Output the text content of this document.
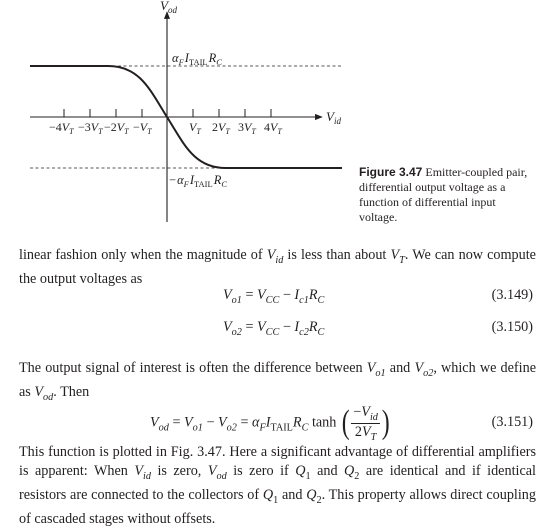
$V_{od}$
$V_{id}$
$\alpha_FI_{TAIL}R_C$
$-\alpha_FI_{TAIL}R_C$
$-4V_T -3V_T -2V_T -V_T$	$V_T$ $2V_T$ $3V_T$ $4V_T$
Figure 3.47 Emitter-coupled pair, differential output voltage as a function of differential input voltage.

linear fashion only when the magnitude of $V_{id}$ is less than about $V_T$. We can now compute the output voltages as

$V_{o1} = V_{CC} - I_{c1}R_C$	(3.149)
$V_{o2} = V_{CC} - I_{c2}R_C$	(3.150)

The output signal of interest is often the difference between $V_{o1}$ and $V_{o2}$, which we define as $V_{od}$. Then

$V_{od} = V_{o1} - V_{o2} = \alpha_FI_{TAIL}R_C$ tanh ( $\frac{-V_{id}}{2V_T}$ )	(3.151)

This function is plotted in Fig. 3.47. Here a significant advantage of differential amplifiers is apparent: When $V_{id}$ is zero, $V_{od}$ is zero if $Q_1$ and $Q_2$ are identical and if identical resistors are connected to the collectors of $Q_1$ and $Q_2$. This property allows direct coupling of cascaded stages without offsets.
